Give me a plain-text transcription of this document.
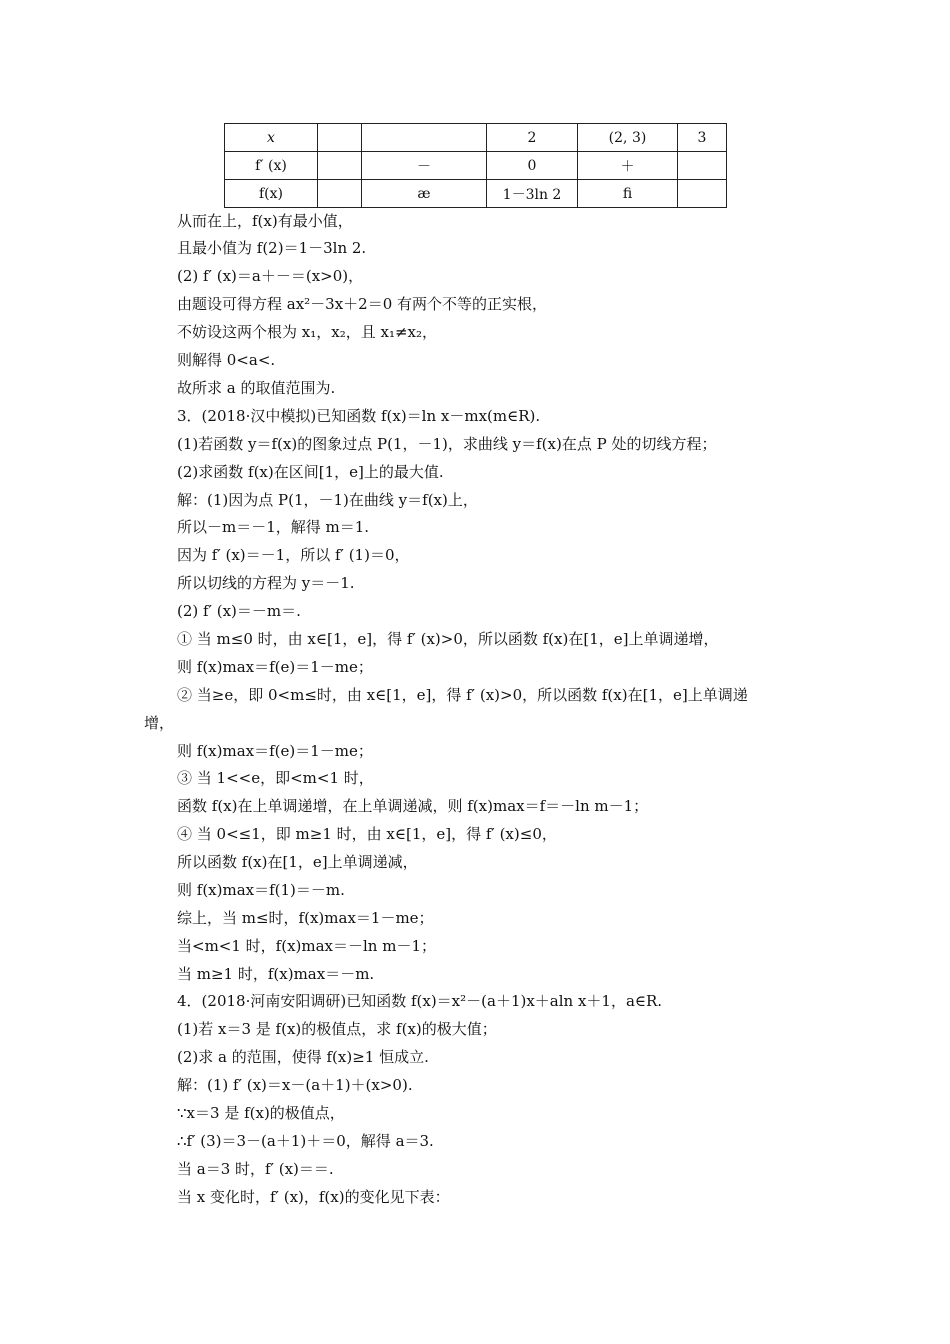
x			2	(2, 3)	3
f′ (x)		－	0	＋	
f(x)		æ	1－3ln 2	ﬁ	
从而在上，f(x)有最小值，
且最小值为 f(2)＝1－3ln 2.
(2) f′ (x)＝a＋－＝(x>0)，
由题设可得方程 ax²－3x＋2＝0 有两个不等的正实根，
不妨设这两个根为 x₁，x₂，且 x₁≠x₂，
则解得 0<a<.
故所求 a 的取值范围为.
3．(2018·汉中模拟)已知函数 f(x)＝ln x－mx(m∈R).
(1)若函数 y＝f(x)的图象过点 P(1，－1)，求曲线 y＝f(x)在点 P 处的切线方程；
(2)求函数 f(x)在区间[1，e]上的最大值.
解：(1)因为点 P(1，－1)在曲线 y＝f(x)上，
所以－m＝－1，解得 m＝1.
因为 f′ (x)＝－1，所以 f′ (1)＝0，
所以切线的方程为 y＝－1.
(2) f′ (x)＝－m＝.
① 当 m≤0 时，由 x∈[1，e]，得 f′ (x)>0，所以函数 f(x)在[1，e]上单调递增，
则 f(x)max＝f(e)＝1－me；
② 当≥e，即 0<m≤时，由 x∈[1，e]，得 f′ (x)>0，所以函数 f(x)在[1，e]上单调递
增，
则 f(x)max＝f(e)＝1－me；
③ 当 1<<e，即<m<1 时，
函数 f(x)在上单调递增，在上单调递减，则 f(x)max＝f＝－ln m－1；
④ 当 0<≤1，即 m≥1 时，由 x∈[1，e]，得 f′ (x)≤0，
所以函数 f(x)在[1，e]上单调递减，
则 f(x)max＝f(1)＝－m.
综上，当 m≤时，f(x)max＝1－me；
当<m<1 时，f(x)max＝－ln m－1；
当 m≥1 时，f(x)max＝－m.
4．(2018·河南安阳调研)已知函数 f(x)＝x²－(a＋1)x＋aln x＋1，a∈R.
(1)若 x＝3 是 f(x)的极值点，求 f(x)的极大值；
(2)求 a 的范围，使得 f(x)≥1 恒成立.
解：(1) f′ (x)＝x－(a＋1)＋(x>0).
∵x＝3 是 f(x)的极值点，
∴f′ (3)＝3－(a＋1)＋＝0，解得 a＝3.
当 a＝3 时，f′ (x)＝＝.
当 x 变化时，f′ (x)，f(x)的变化见下表：
